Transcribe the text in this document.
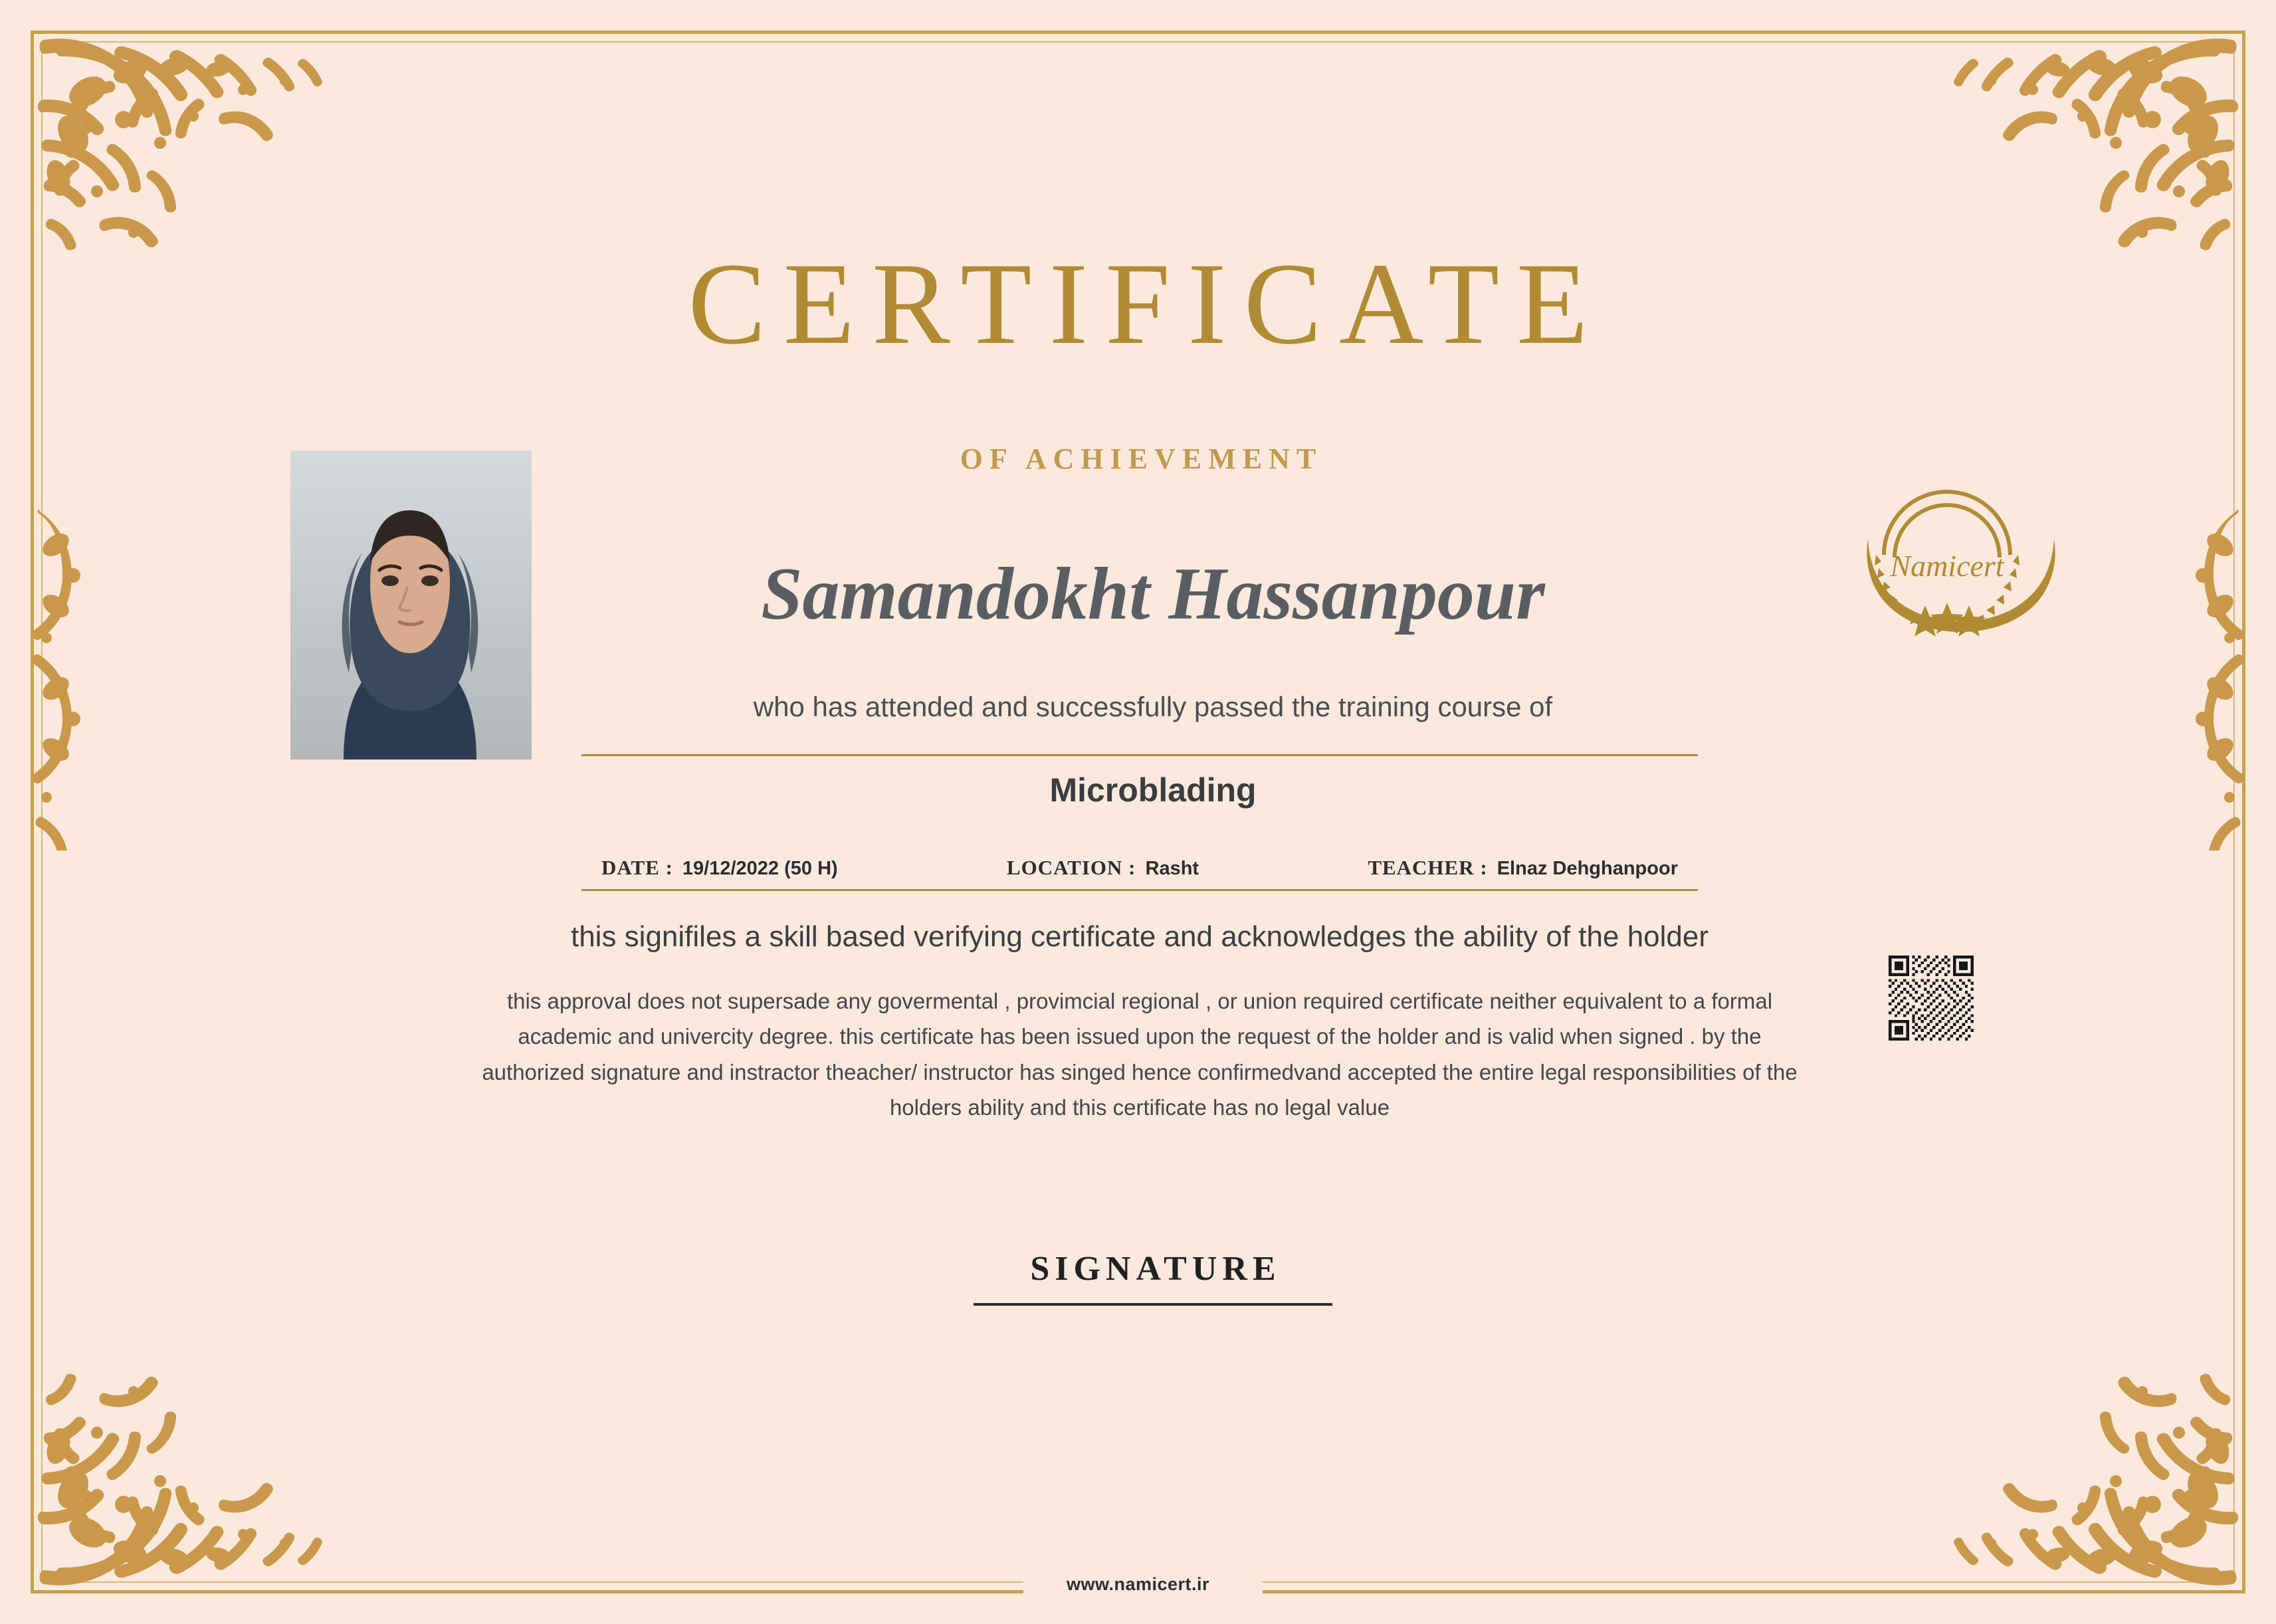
CERTIFICATE
OF ACHIEVEMENT
Samandokht Hassanpour
who has attended and successfully passed the training course of
Microblading
DATE : 19/12/2022 (50 H)	LOCATION : Rasht	TEACHER : Elnaz Dehghanpoor
this signifiles a skill based verifying certificate and acknowledges the ability of the holder
this approval does not supersade any govermental , provimcial regional , or union required certificate neither equivalent to a formal academic and univercity degree. this certificate has been issued upon the request of the holder and is valid when signed . by the authorized signature and instractor theacher/ instructor has singed hence confirmedvand accepted the entire legal responsibilities of the holders ability and this certificate has no legal value
SIGNATURE
Namicert
www.namicert.ir
